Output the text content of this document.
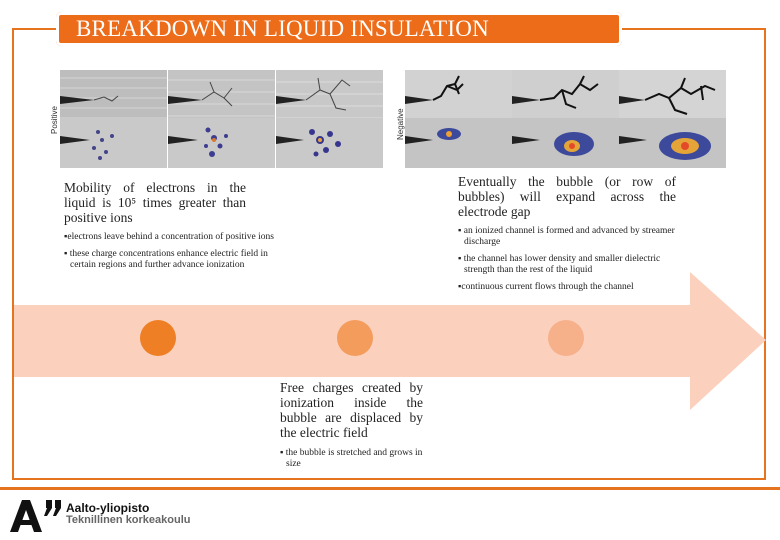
BREAKDOWN IN LIQUID INSULATION
Positive	Negative
Mobility of electrons in the liquid is 10⁵ times greater than positive ions
▪electrons leave behind a concentration of positive ions
▪ these charge concentrations enhance electric field in certain regions and further advance ionization
Eventually the bubble (or row of bubbles) will expand across the electrode gap
▪ an ionized channel is formed and advanced by streamer discharge
▪ the channel has lower density and smaller dielectric strength than the rest of the liquid
▪continuous current flows through the channel
Free charges created by ionization inside the bubble are displaced by the electric field
▪ the bubble is stretched and grows in size
Aalto-yliopisto
Teknillinen korkeakoulu
